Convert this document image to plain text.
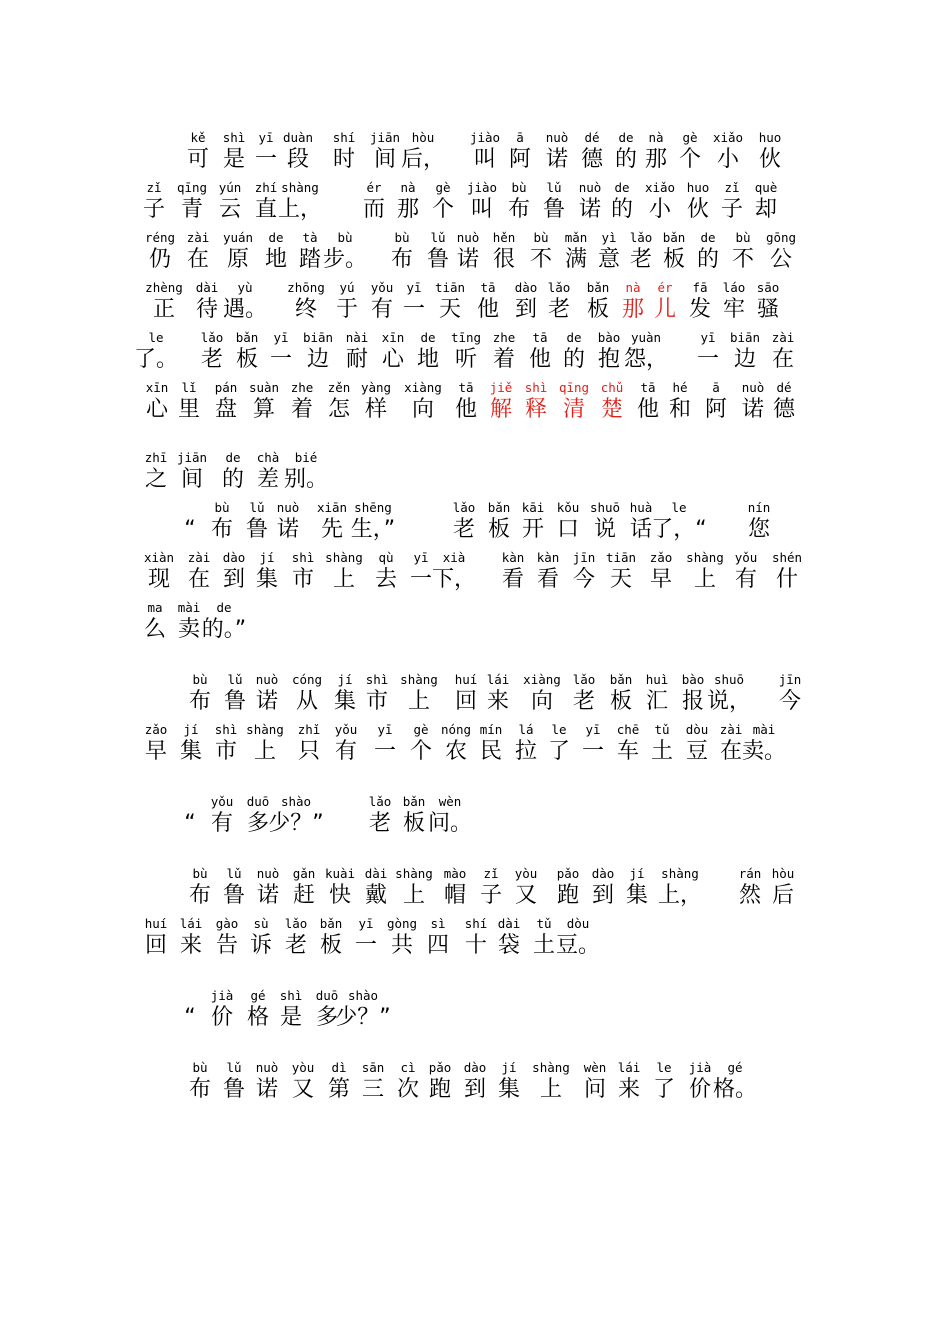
kě
可
shì
是
yī
一
duàn
段
shí
时
jiān
间
hòu
后，
jiào
叫
ā
阿
nuò
诺
dé
德
de
的
nà
那
gè
个
xiǎo
小
huo
伙
zǐ
子
qīng
青
yún
云
zhí
直
shàng
上，
ér
而
nà
那
gè
个
jiào
叫
bù
布
lǔ
鲁
nuò
诺
de
的
xiǎo
小
huo
伙
zǐ
子
què
却
réng
仍
zài
在
yuán
原
de
地
tà
踏
bù
步。
bù
布
lǔ
鲁
nuò
诺
hěn
很
bù
不
mǎn
满
yì
意
lǎo
老
bǎn
板
de
的
bù
不
gōng
公
zhèng
正
dài
待
yù
遇。
zhōng
终
yú
于
yǒu
有
yī
一
tiān
天
tā
他
dào
到
lǎo
老
bǎn
板
nà
那
ér
儿
fā
发
láo
牢
sāo
骚
le
了。
lǎo
老
bǎn
板
yī
一
biān
边
nài
耐
xīn
心
de
地
tīng
听
zhe
着
tā
他
de
的
bào
抱
yuàn
怨，
yī
一
biān
边
zài
在
xīn
心
lǐ
里
pán
盘
suàn
算
zhe
着
zěn
怎
yàng
样
xiàng
向
tā
他
jiě
解
shì
释
qīng
清
chǔ
楚
tā
他
hé
和
ā
阿
nuò
诺
dé
德
zhī
之
jiān
间
de
的
chà
差
bié
别。
“
bù
布
lǔ
鲁
nuò
诺
xiān
先
shēng
生，”
lǎo
老
bǎn
板
kāi
开
kǒu
口
shuō
说
huà
话
le
了，“
nín
您
xiàn
现
zài
在
dào
到
jí
集
shì
市
shàng
上
qù
去
yī
一
xià
下，
kàn
看
kàn
看
jīn
今
tiān
天
zǎo
早
shàng
上
yǒu
有
shén
什
ma
么
mài
卖
de
的。”
bù
布
lǔ
鲁
nuò
诺
cóng
从
jí
集
shì
市
shàng
上
huí
回
lái
来
xiàng
向
lǎo
老
bǎn
板
huì
汇
bào
报
shuō
说，
jīn
今
zǎo
早
jí
集
shì
市
shàng
上
zhǐ
只
yǒu
有
yī
一
gè
个
nóng
农
mín
民
lá
拉
le
了
yī
一
chē
车
tǔ
土
dòu
豆
zài
在
mài
卖。
“
yǒu
有
duō
多
shào
少？”
lǎo
老
bǎn
板
wèn
问。
bù
布
lǔ
鲁
nuò
诺
gǎn
赶
kuài
快
dài
戴
shàng
上
mào
帽
zǐ
子
yòu
又
pǎo
跑
dào
到
jí
集
shàng
上，
rán
然
hòu
后
huí
回
lái
来
gào
告
sù
诉
lǎo
老
bǎn
板
yī
一
gòng
共
sì
四
shí
十
dài
袋
tǔ
土
dòu
豆。
“
jià
价
gé
格
shì
是
duō
多
shào
少？”
bù
布
lǔ
鲁
nuò
诺
yòu
又
dì
第
sān
三
cì
次
pǎo
跑
dào
到
jí
集
shàng
上
wèn
问
lái
来
le
了
jià
价
gé
格。
